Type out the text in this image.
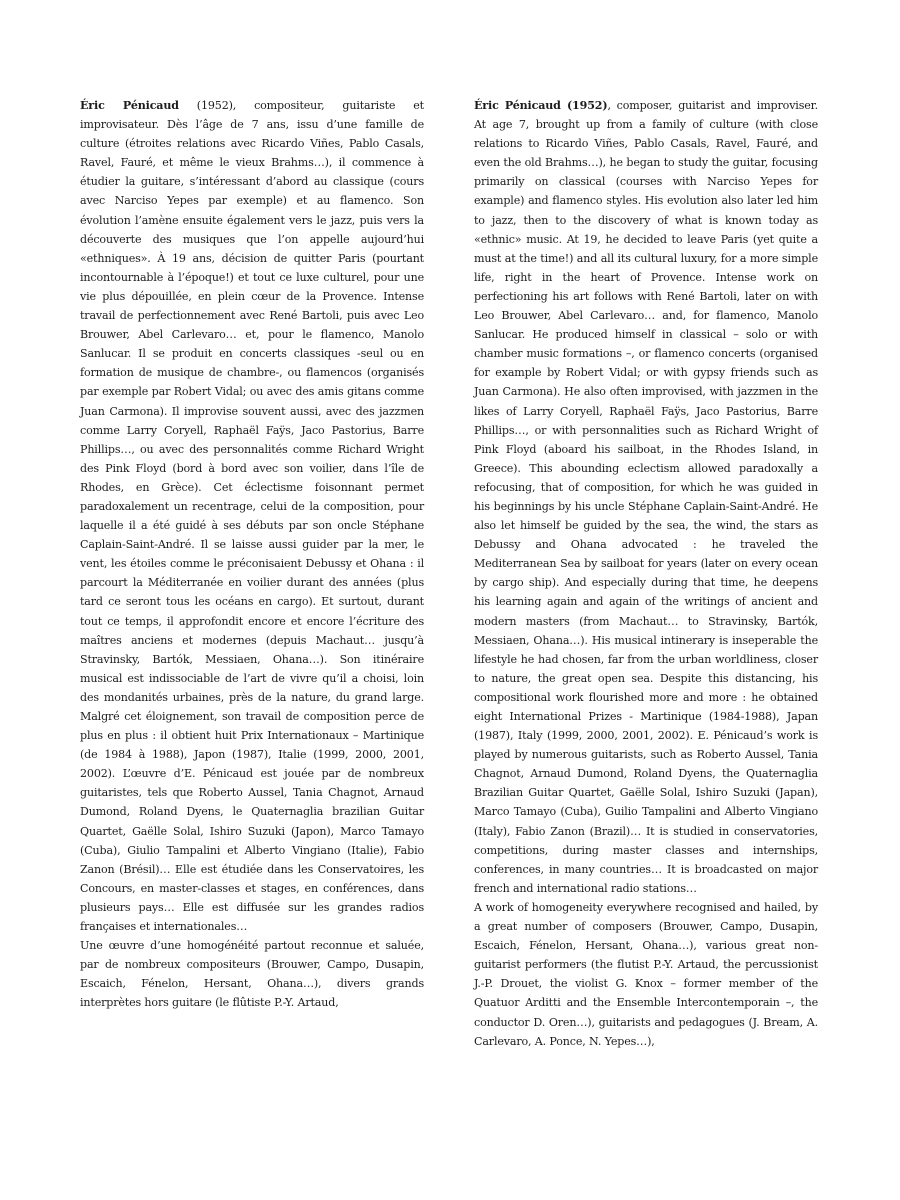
Éric Pénicaud (1952), compositeur, guitariste et improvisateur. Dès l’âge de 7 ans, issu d’une famille de culture (étroites relations avec Ricardo Viñes, Pablo Casals, Ravel, Fauré, et même le vieux Brahms…), il commence à étudier la guitare, s’intéressant d’abord au classique (cours avec Narciso Yepes par exemple) et au flamenco. Son évolution l’amène ensuite également vers le jazz, puis vers la découverte des musiques que l’on appelle aujourd’hui «ethniques». À 19 ans, décision de quitter Paris (pourtant incontournable à l’époque!) et tout ce luxe culturel, pour une vie plus dépouillée, en plein cœur de la Provence. Intense travail de perfectionnement avec René Bartoli, puis avec Leo Brouwer, Abel Carlevaro… et, pour le flamenco, Manolo Sanlucar. Il se produit en concerts classiques -seul ou en formation de musique de chambre-, ou flamencos (organisés par exemple par Robert Vidal; ou avec des amis gitans comme Juan Carmona). Il improvise souvent aussi, avec des jazzmen comme Larry Coryell, Raphaël Faÿs, Jaco Pastorius, Barre Phillips…, ou avec des personnalités comme Richard Wright des Pink Floyd (bord à bord avec son voilier, dans l’île de Rhodes, en Grèce). Cet éclectisme foisonnant permet paradoxalement un recentrage, celui de la composition, pour laquelle il a été guidé à ses débuts par son oncle Stéphane Caplain-Saint-André. Il se laisse aussi guider par la mer, le vent, les étoiles comme le préconisaient Debussy et Ohana : il parcourt la Méditerranée en voilier durant des années (plus tard ce seront tous les océans en cargo). Et surtout, durant tout ce temps, il approfondit encore et encore l’écriture des maîtres anciens et modernes (depuis Machaut… jusqu’à Stravinsky, Bartók, Messiaen, Ohana…). Son itinéraire musical est indissociable de l’art de vivre qu’il a choisi, loin des mondanités urbaines, près de la nature, du grand large. Malgré cet éloignement, son travail de composition perce de plus en plus : il obtient huit Prix Internationaux – Martinique (de 1984 à 1988), Japon (1987), Italie (1999, 2000, 2001, 2002). L’œuvre d’E. Pénicaud est jouée par de nombreux guitaristes, tels que Roberto Aussel, Tania Chagnot, Arnaud Dumond, Roland Dyens, le Quaternaglia brazilian Guitar Quartet, Gaëlle Solal, Ishiro Suzuki (Japon), Marco Tamayo (Cuba), Giulio Tampalini et Alberto Vingiano (Italie), Fabio Zanon (Brésil)… Elle est étudiée dans les Conservatoires, les Concours, en master-classes et stages, en conférences, dans plusieurs pays… Elle est diffusée sur les grandes radios françaises et internationales…

Une œuvre d’une homogénéité partout reconnue et saluée, par de nombreux compositeurs (Brouwer, Campo, Dusapin, Escaich, Fénelon, Hersant, Ohana…), divers grands interprètes hors guitare (le flûtiste P.-Y. Artaud,

Éric Pénicaud (1952), composer, guitarist and improviser. At age 7, brought up from a family of culture (with close relations to Ricardo Viñes, Pablo Casals, Ravel, Fauré, and even the old Brahms…), he began to study the guitar, focusing primarily on classical (courses with Narciso Yepes for example) and flamenco styles. His evolution also later led him to jazz, then to the discovery of what is known today as «ethnic» music. At 19, he decided to leave Paris (yet quite a must at the time!) and all its cultural luxury, for a more simple life, right in the heart of Provence. Intense work on perfectioning his art follows with René Bartoli, later on with Leo Brouwer, Abel Carlevaro… and, for flamenco, Manolo Sanlucar. He produced himself in classical – solo or with chamber music formations –, or flamenco concerts (organised for example by Robert Vidal; or with gypsy friends such as Juan Carmona). He also often improvised, with jazzmen in the likes of Larry Coryell, Raphaël Faÿs, Jaco Pastorius, Barre Phillips…, or with personnalities such as Richard Wright of Pink Floyd (aboard his sailboat, in the Rhodes Island, in Greece). This abounding eclectism allowed paradoxally a refocusing, that of composition, for which he was guided in his beginnings by his uncle Stéphane Caplain-Saint-André. He also let himself be guided by the sea, the wind, the stars as Debussy and Ohana advocated : he traveled the Mediterranean Sea by sailboat for years (later on every ocean by cargo ship). And especially during that time, he deepens his learning again and again of the writings of ancient and modern masters (from Machaut… to Stravinsky, Bartók, Messiaen, Ohana…). His musical intinerary is inseperable the lifestyle he had chosen, far from the urban worldliness, closer to nature, the great open sea. Despite this distancing, his compositional work flourished more and more : he obtained eight International Prizes - Martinique (1984-1988), Japan (1987), Italy (1999, 2000, 2001, 2002). E. Pénicaud’s work is played by numerous guitarists, such as Roberto Aussel, Tania Chagnot, Arnaud Dumond, Roland Dyens, the Quaternaglia Brazilian Guitar Quartet, Gaëlle Solal, Ishiro Suzuki (Japan), Marco Tamayo (Cuba), Guilio Tampalini and Alberto Vingiano (Italy), Fabio Zanon (Brazil)… It is studied in conservatories, competitions, during master classes and internships, conferences, in many countries… It is broadcasted on major french and international radio stations…

A work of homogeneity everywhere recognised and hailed, by a great number of composers (Brouwer, Campo, Dusapin, Escaich, Fénelon, Hersant, Ohana…), various great non-guitarist performers (the flutist P.-Y. Artaud, the percussionist J.-P. Drouet, the violist G. Knox – former member of the Quatuor Arditti and the Ensemble Intercontemporain –, the conductor D. Oren…), guitarists and pedagogues (J. Bream, A. Carlevaro, A. Ponce, N. Yepes…),
